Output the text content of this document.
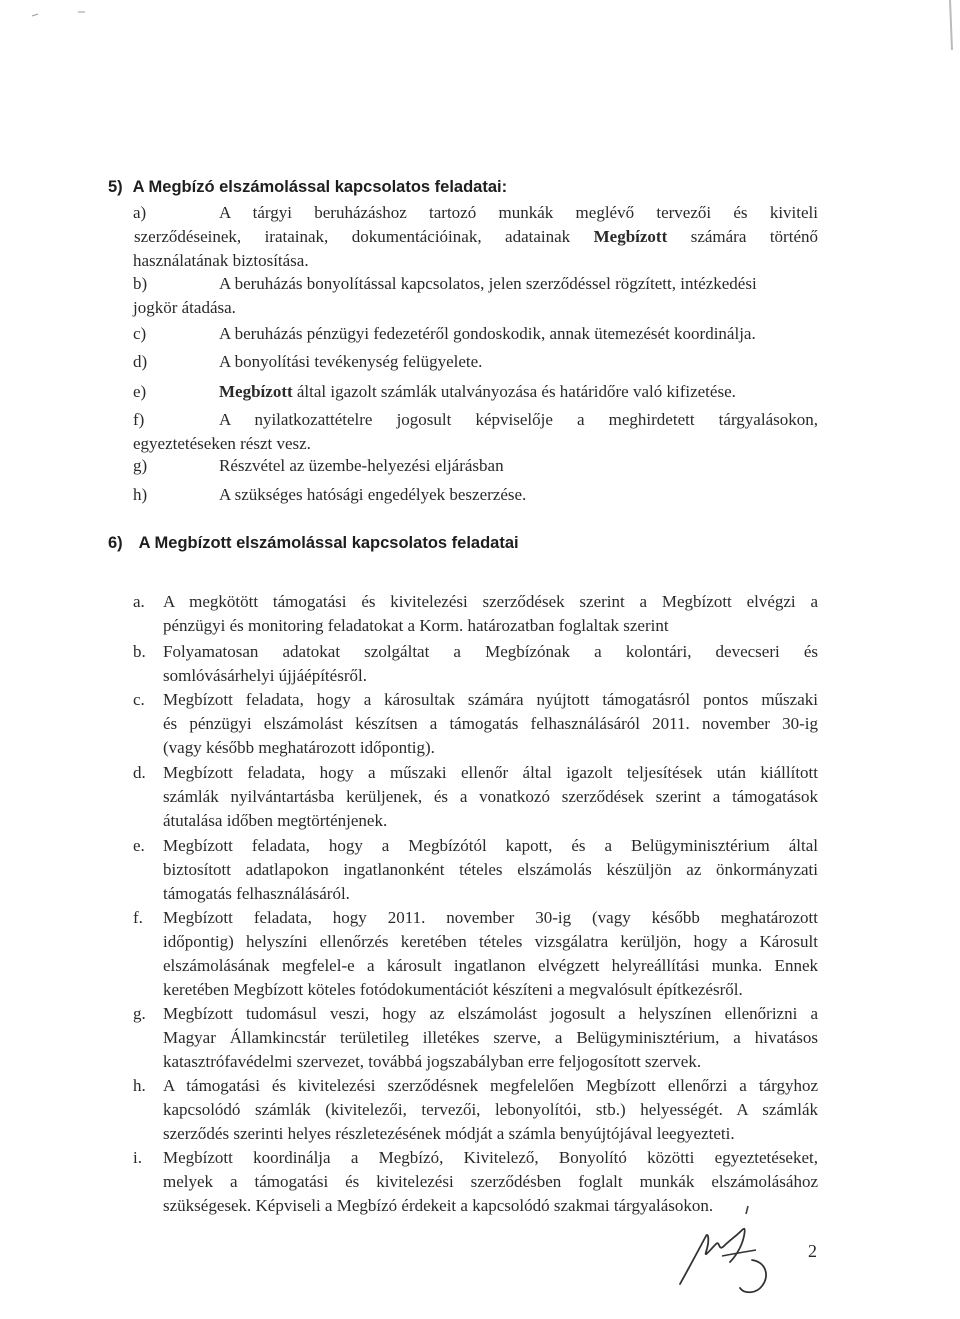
5) A Megbízó elszámolással kapcsolatos feladatai:
a)	A tárgyi beruházáshoz tartozó munkák meglévő tervezői és kiviteli
szerződéseinek, iratainak, dokumentációinak, adatainak Megbízott számára történő
használatának biztosítása.
b)	A beruházás bonyolítással kapcsolatos, jelen szerződéssel rögzített, intézkedési
jogkör átadása.
c)	A beruházás pénzügyi fedezetéről gondoskodik, annak ütemezését koordinálja.
d)	A bonyolítási tevékenység felügyelete.
e)	Megbízott által igazolt számlák utalványozása és határidőre való kifizetése.
f)	A nyilatkozattételre jogosult képviselője a meghirdetett tárgyalásokon,
egyeztetéseken részt vesz.
g)	Részvétel az üzembe-helyezési eljárásban
h)	A szükséges hatósági engedélyek beszerzése.
6) A Megbízott elszámolással kapcsolatos feladatai
a. A megkötött támogatási és kivitelezési szerződések szerint a Megbízott elvégzi a
pénzügyi és monitoring feladatokat a Korm. határozatban foglaltak szerint
b. Folyamatosan adatokat szolgáltat a Megbízónak a kolontári, devecseri és
somlóvásárhelyi újjáépítésről.
c. Megbízott feladata, hogy a károsultak számára nyújtott támogatásról pontos műszaki
és pénzügyi elszámolást készítsen a támogatás felhasználásáról 2011. november 30-ig
(vagy később meghatározott időpontig).
d. Megbízott feladata, hogy a műszaki ellenőr által igazolt teljesítések után kiállított
számlák nyilvántartásba kerüljenek, és a vonatkozó szerződések szerint a támogatások
átutalása időben megtörténjenek.
e. Megbízott feladata, hogy a Megbízótól kapott, és a Belügyminisztérium által
biztosított adatlapokon ingatlanonként tételes elszámolás készüljön az önkormányzati
támogatás felhasználásáról.
f. Megbízott feladata, hogy 2011. november 30-ig (vagy később meghatározott
időpontig) helyszíni ellenőrzés keretében tételes vizsgálatra kerüljön, hogy a Károsult
elszámolásának megfelel-e a károsult ingatlanon elvégzett helyreállítási munka. Ennek
keretében Megbízott köteles fotódokumentációt készíteni a megvalósult építkezésről.
g. Megbízott tudomásul veszi, hogy az elszámolást jogosult a helyszínen ellenőrizni a
Magyar Államkincstár területileg illetékes szerve, a Belügyminisztérium, a hivatásos
katasztrófavédelmi szervezet, továbbá jogszabályban erre feljogosított szervek.
h. A támogatási és kivitelezési szerződésnek megfelelően Megbízott ellenőrzi a tárgyhoz
kapcsolódó számlák (kivitelezői, tervezői, lebonyolítói, stb.) helyességét. A számlák
szerződés szerinti helyes részletezésének módját a számla benyújtójával leegyezteti.
i. Megbízott koordinálja a Megbízó, Kivitelező, Bonyolító közötti egyeztetéseket,
melyek a támogatási és kivitelezési szerződésben foglalt munkák elszámolásához
szükségesek. Képviseli a Megbízó érdekeit a kapcsolódó szakmai tárgyalásokon.
2
